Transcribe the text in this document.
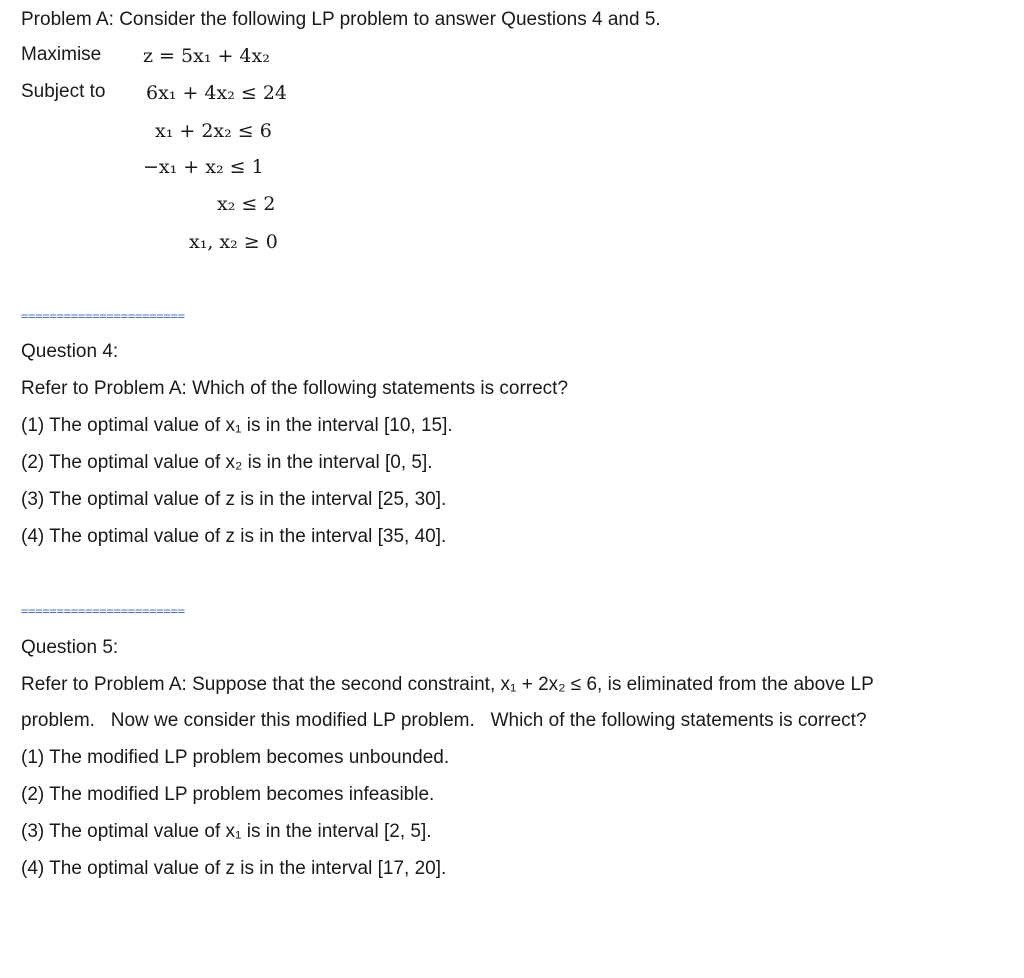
Problem A: Consider the following LP problem to answer Questions 4 and 5.
Maximise z = 5x₁ + 4x₂
Subject to 6x₁ + 4x₂ ≤ 24
x₁ + 2x₂ ≤ 6
−x₁ + x₂ ≤ 1
x₂ ≤ 2
x₁, x₂ ≥ 0
=======================
Question 4:
Refer to Problem A: Which of the following statements is correct?
(1) The optimal value of x₁ is in the interval [10, 15].
(2) The optimal value of x₂ is in the interval [0, 5].
(3) The optimal value of z is in the interval [25, 30].
(4) The optimal value of z is in the interval [35, 40].
=======================
Question 5:
Refer to Problem A: Suppose that the second constraint, x₁ + 2x₂ ≤ 6, is eliminated from the above LP
problem.   Now we consider this modified LP problem.   Which of the following statements is correct?
(1) The modified LP problem becomes unbounded.
(2) The modified LP problem becomes infeasible.
(3) The optimal value of x₁ is in the interval [2, 5].
(4) The optimal value of z is in the interval [17, 20].
